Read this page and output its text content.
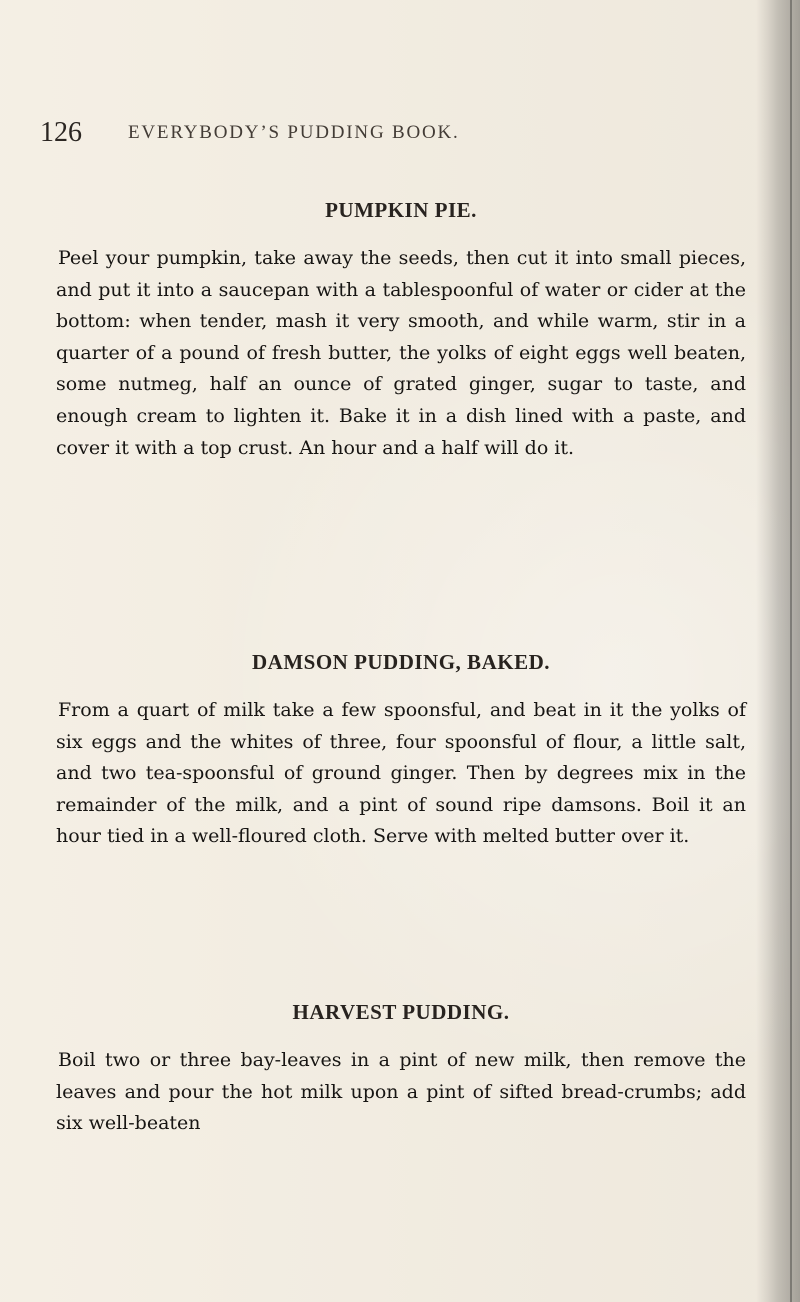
126 EVERYBODY’S PUDDING BOOK.
PUMPKIN PIE.

Peel your pumpkin, take away the seeds, then cut it into small pieces, and put it into a saucepan with a tablespoonful of water or cider at the bottom: when tender, mash it very smooth, and while warm, stir in a quarter of a pound of fresh butter, the yolks of eight eggs well beaten, some nutmeg, half an ounce of grated ginger, sugar to taste, and enough cream to lighten it. Bake it in a dish lined with a paste, and cover it with a top crust. An hour and a half will do it.

DAMSON PUDDING, BAKED.

From a quart of milk take a few spoonsful, and beat in it the yolks of six eggs and the whites of three, four spoonsful of flour, a little salt, and two tea-spoonsful of ground ginger. Then by degrees mix in the remainder of the milk, and a pint of sound ripe damsons. Boil it an hour tied in a well-floured cloth. Serve with melted butter over it.

HARVEST PUDDING.

Boil two or three bay-leaves in a pint of new milk, then remove the leaves and pour the hot milk upon a pint of sifted bread-crumbs; add six well-beaten
